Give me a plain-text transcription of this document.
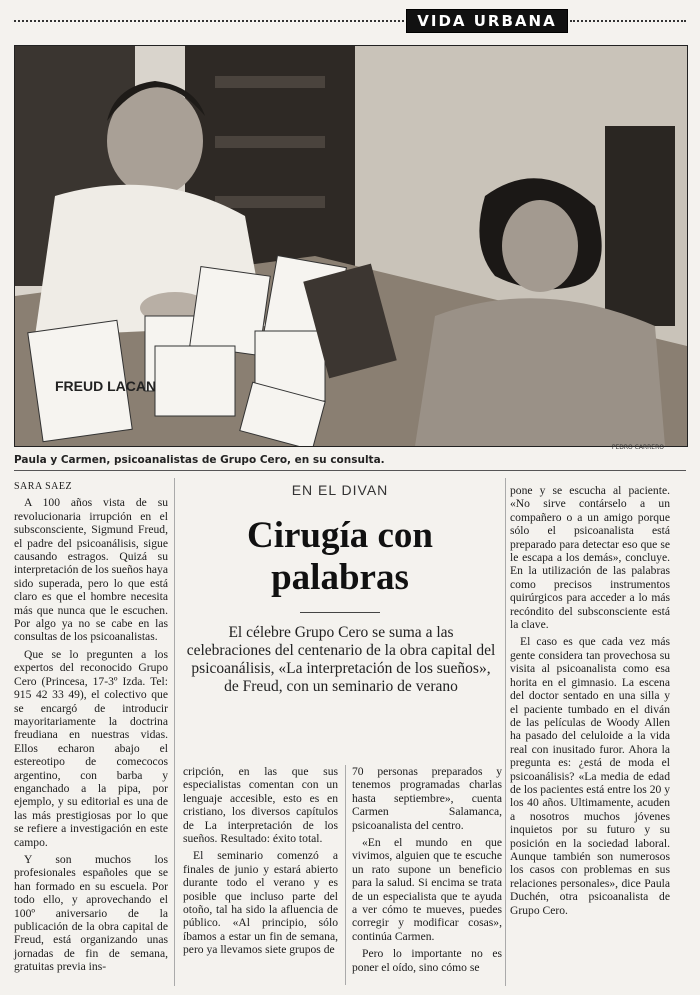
VIDA URBANA
FREUD LACAN
PEDRO CARRERO
Paula y Carmen, psicoanalistas de Grupo Cero, en su consulta.
SARA SAEZ

A 100 años vista de su revolucionaria irrupción en el subsconsciente, Sigmund Freud, el padre del psicoanálisis, sigue causando estragos. Quizá su interpretación de los sueños haya sido superada, pero lo que está claro es que el hombre necesita más que nunca que le escuchen. Por algo ya no se cabe en las consultas de los psicoanalistas.

Que se lo pregunten a los expertos del reconocido Grupo Cero (Princesa, 17-3º Izda. Tel: 915 42 33 49), el colectivo que se encargó de introducir mayoritariamente la doctrina freudiana en nuestras vidas. Ellos echaron abajo el estereotipo de comecocos argentino, con barba y enganchado a la pipa, por ejemplo, y su editorial es una de las más prestigiosas por lo que se refiere a investigación en este campo.

Y son muchos los profesionales españoles que se han formado en su escuela. Por todo ello, y aprovechando el 100º aniversario de la publicación de la obra capital de Freud, está organizando unas jornadas de fin de semana, gratuitas previa ins-

EN EL DIVAN
Cirugía con palabras
El célebre Grupo Cero se suma a las celebraciones del centenario de la obra capital del psicoanálisis, «La interpretación de los sueños», de Freud, con un seminario de verano

cripción, en las que sus especialistas comentan con un lenguaje accesible, esto es en cristiano, los diversos capítulos de La interpretación de los sueños. Resultado: éxito total.

El seminario comenzó a finales de junio y estará abierto durante todo el verano y es posible que incluso parte del otoño, tal ha sido la afluencia de público. «Al principio, sólo íbamos a estar un fin de semana, pero ya llevamos siete grupos de

70 personas preparados y tenemos programadas charlas hasta septiembre», cuenta Carmen Salamanca, psicoanalista del centro.

«En el mundo en que vivimos, alguien que te escuche un rato supone un beneficio para la salud. Si encima se trata de un especialista que te ayuda a ver cómo te mueves, puedes corregir y modificar cosas», continúa Carmen.

Pero lo importante no es poner el oído, sino cómo se

pone y se escucha al paciente. «No sirve contárselo a un compañero o a un amigo porque sólo el psicoanalista está preparado para detectar eso que se le escapa a los demás», concluye. En la utilización de las palabras como precisos instrumentos quirúrgicos para acceder a lo más recóndito del subsconsciente está la clave.

El caso es que cada vez más gente considera tan provechosa su visita al psicoanalista como esa horita en el gimnasio. La escena del doctor sentado en una silla y el paciente tumbado en el diván de las películas de Woody Allen ha pasado del celuloide a la vida real con inusitado furor. Ahora la pregunta es: ¿está de moda el psicoanálisis? «La media de edad de los pacientes está entre los 20 y los 40 años. Ultimamente, acuden a nosotros muchos jóvenes inquietos por su futuro y su posición en la sociedad laboral. Aunque también son numerosos los casos con problemas en sus relaciones personales», dice Paula Duchén, otra psicoanalista de Grupo Cero.
